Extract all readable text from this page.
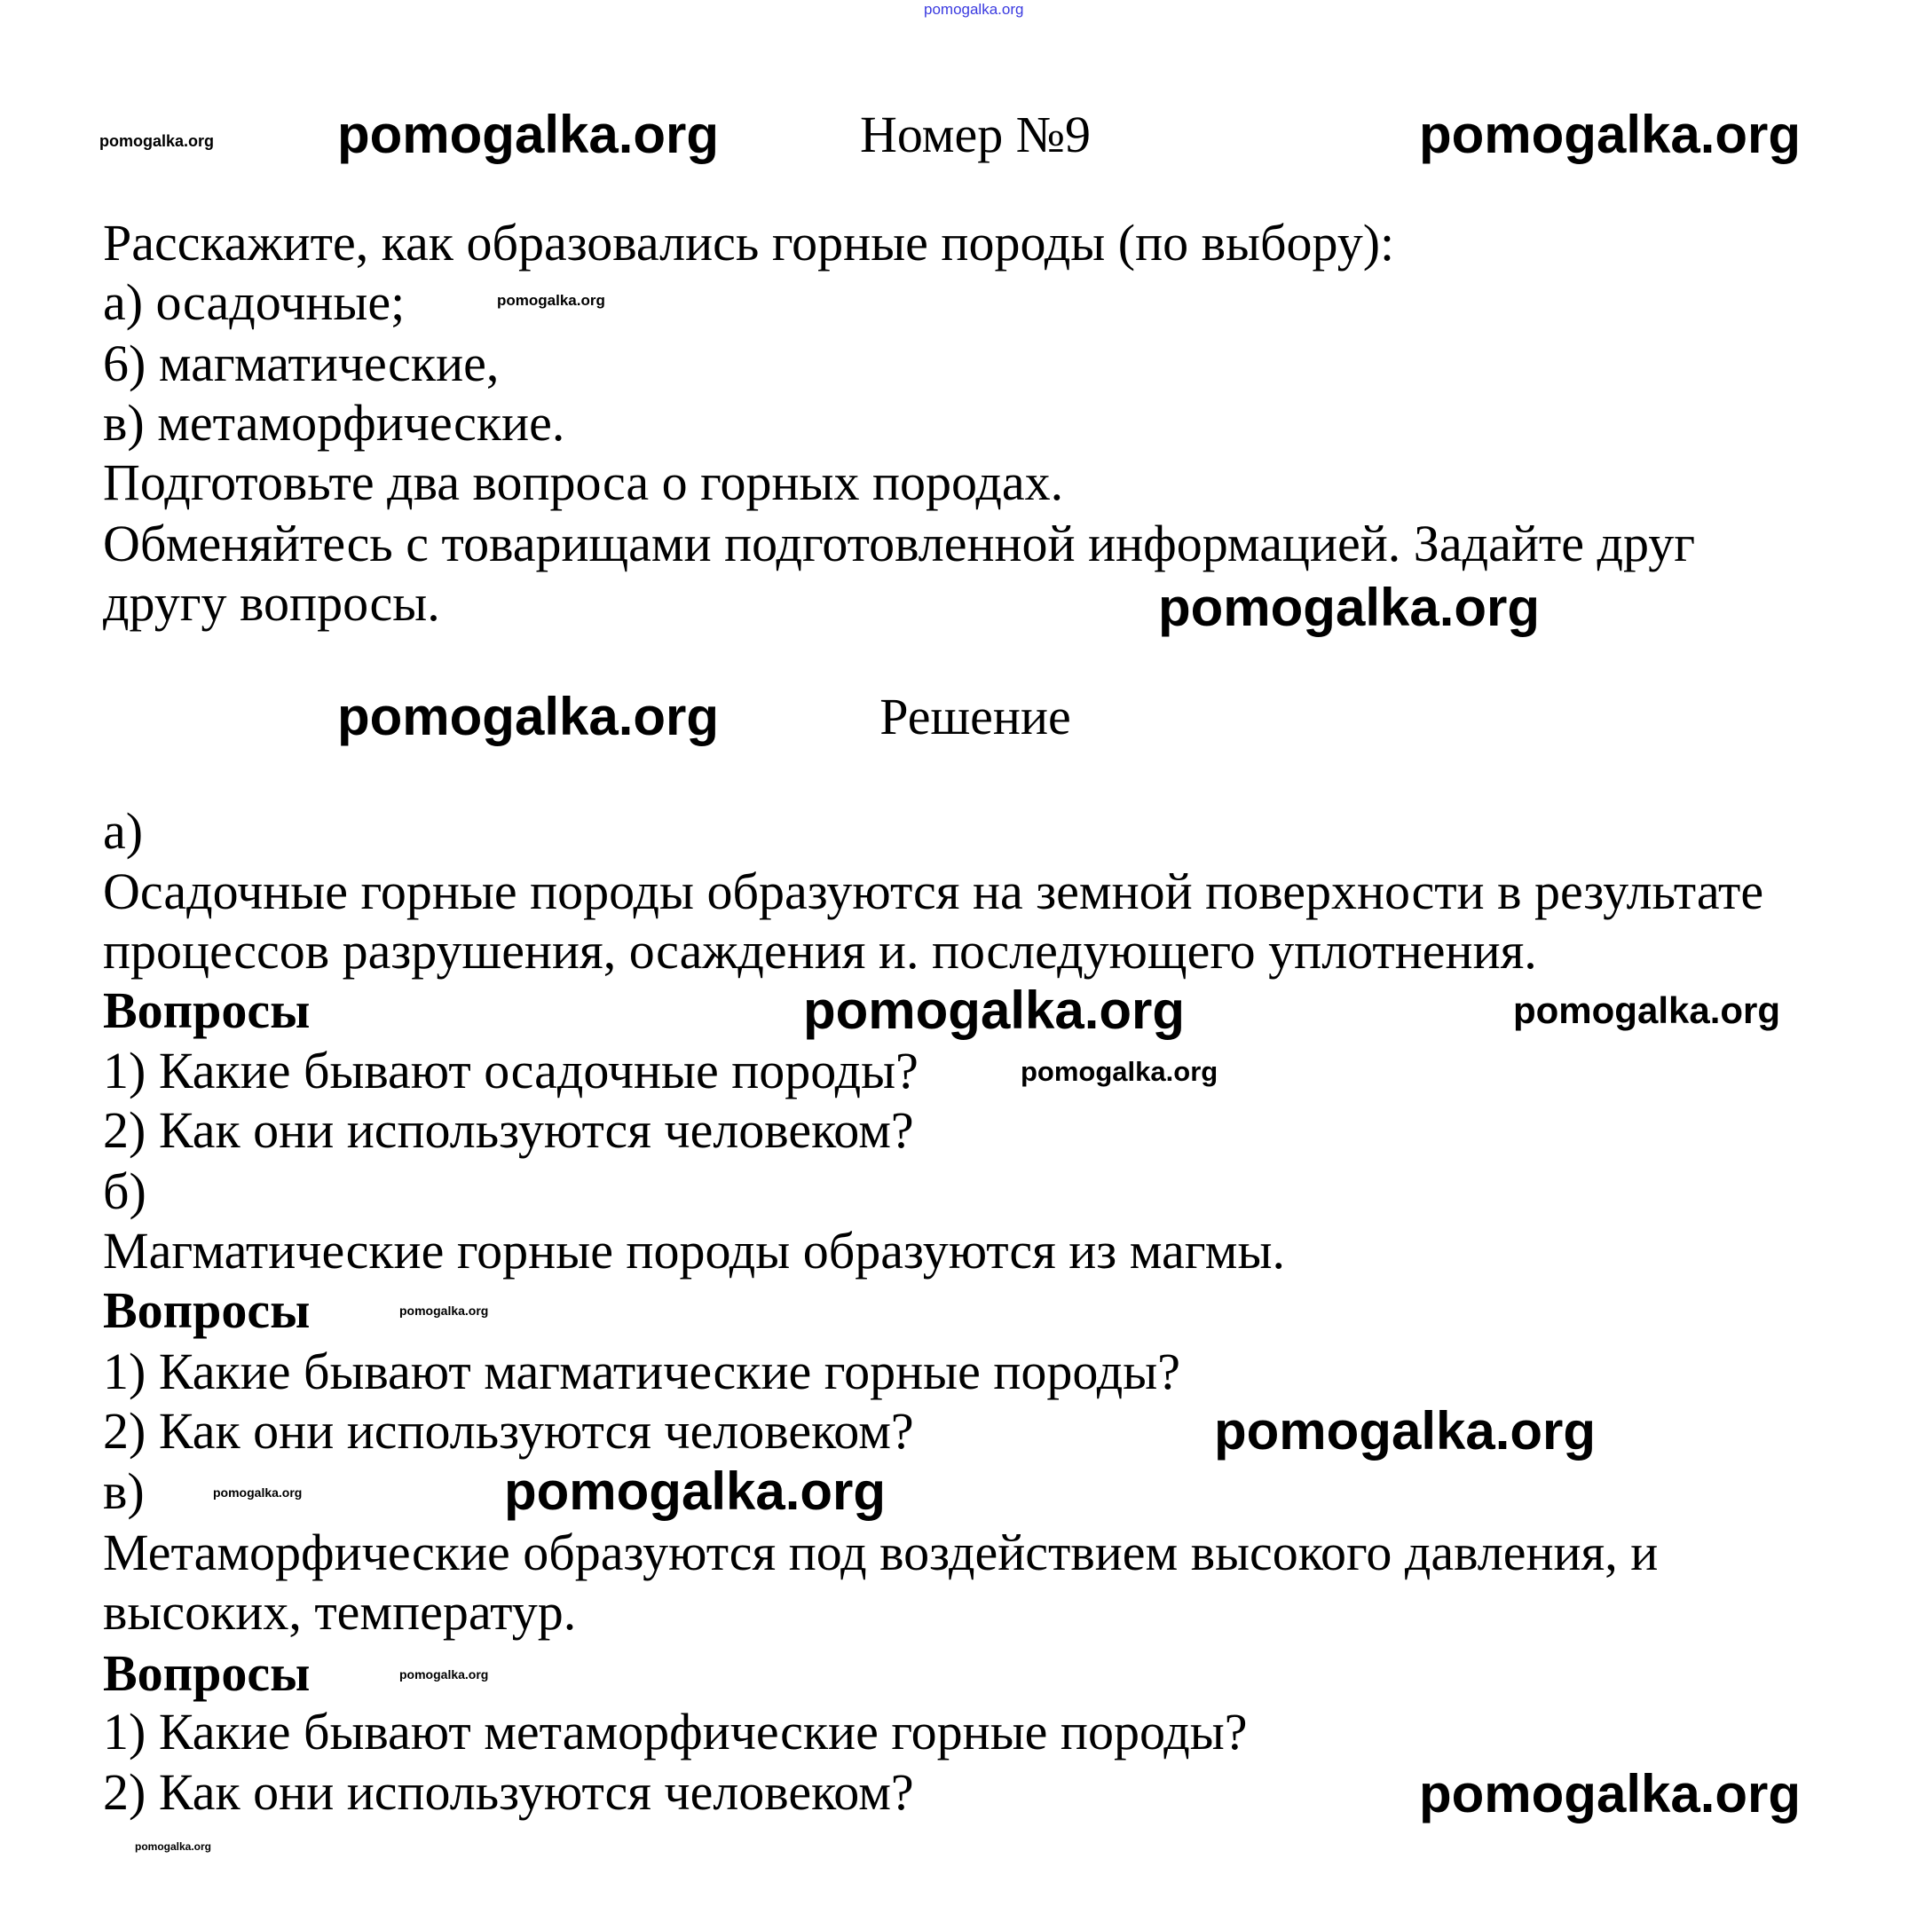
pomogalka.org
Номер №9
Расскажите, как образовались горные породы (по выбору):
а) осадочные;
6) магматические,
в) метаморфические.
Подготовьте два вопроса о горных породах.
Обменяйтесь с товарищами подготовленной информацией. Задайте друг
другу вопросы.
Решение
а)
Осадочные горные породы образуются на земной поверхности в результате
процессов разрушения, осаждения и. последующего уплотнения.
Вопросы
1) Какие бывают осадочные породы?
2) Как они используются человеком?
б)
Магматические горные породы образуются из магмы.
Вопросы
1) Какие бывают магматические горные породы?
2) Как они используются человеком?
в)
Метаморфические образуются под воздействием высокого давления, и
высоких, температур.
Вопросы
1) Какие бывают метаморфические горные породы?
2) Как они используются человеком?
pomogalka.org	pomogalka.org
pomogalka.org
pomogalka.org
pomogalka.org
pomogalka.org
pomogalka.org	pomogalka.org
pomogalka.org
pomogalka.org
pomogalka.org
pomogalka.org
pomogalka.org
pomogalka.org
pomogalka.org
pomogalka.org
